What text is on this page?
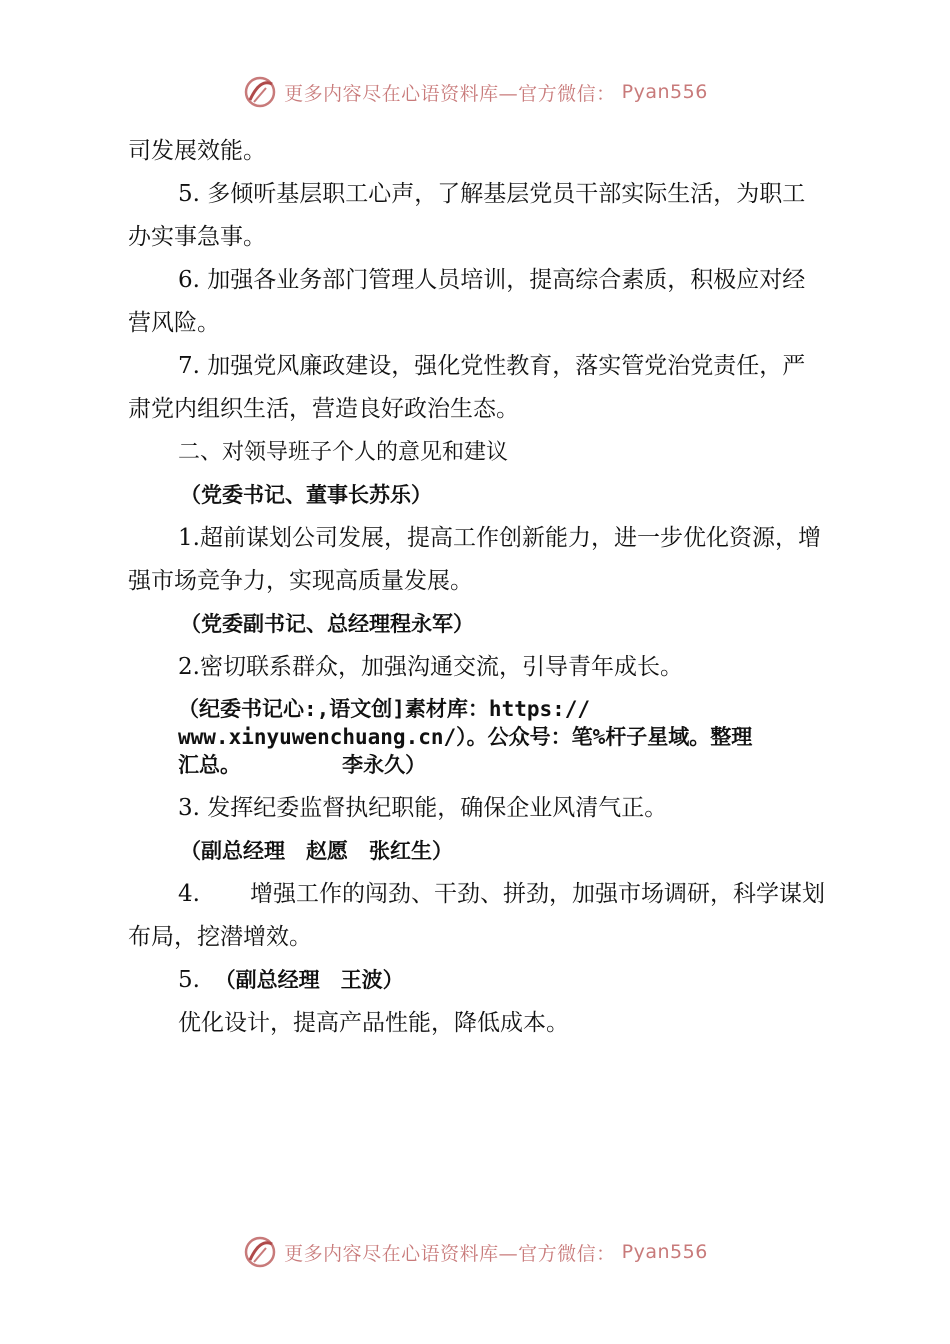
更多内容尽在心语资料库—官方微信： Pyan556

司发展效能。

5. 多倾听基层职工心声，了解基层党员干部实际生活，为职工办实事急事。

6. 加强各业务部门管理人员培训，提高综合素质，积极应对经营风险。

7. 加强党风廉政建设，强化党性教育，落实管党治党责任，严肃党内组织生活，营造良好政治生态。

二、对领导班子个人的意见和建议

（党委书记、董事长苏乐）

1.超前谋划公司发展，提高工作创新能力，进一步优化资源，增强市场竞争力，实现高质量发展。

（党委副书记、总经理程永军）

2.密切联系群众，加强沟通交流，引导青年成长。

（纪委书记心:,语文创]素材库：https://
www.xinyuwenchuang.cn/）。公众号：笔%杆子星域。整理
汇总。	李永久）

3. 发挥纪委监督执纪职能，确保企业风清气正。

（副总经理　赵愿　张红生）

4. 增强工作的闯劲、干劲、拼劲，加强市场调研，科学谋划布局，挖潜增效。

5. （副总经理　王波）

优化设计，提高产品性能，降低成本。

更多内容尽在心语资料库—官方微信： Pyan556
